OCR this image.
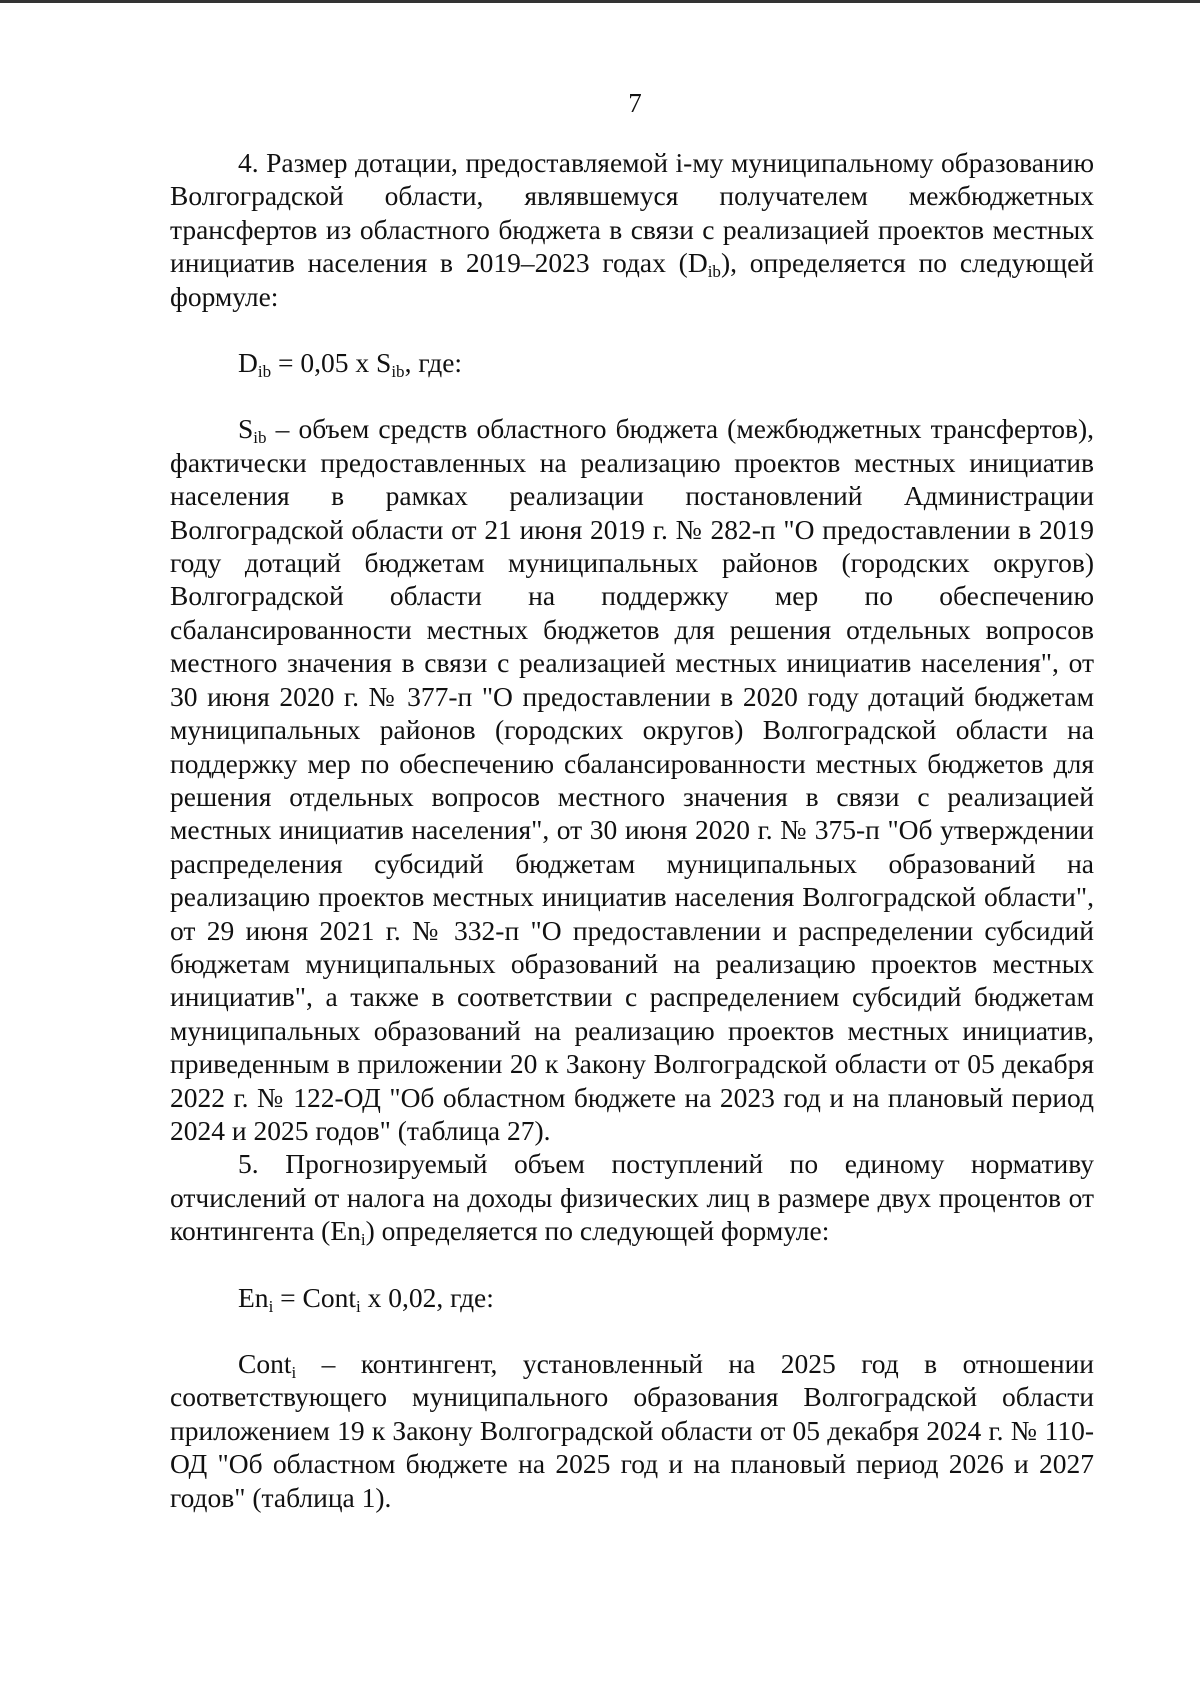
7

4. Размер дотации, предоставляемой i-му муниципальному образованию Волгоградской области, являвшемуся получателем межбюджетных трансфертов из областного бюджета в связи с реализацией проектов местных инициатив населения в 2019–2023 годах $(D_{ib})$, определяется по следующей формуле:

$D_{ib} = 0,05$ x $S_{ib}$, где:

$S_{ib}$ – объем средств областного бюджета (межбюджетных трансфертов), фактически предоставленных на реализацию проектов местных инициатив населения в рамках реализации постановлений Администрации Волгоградской области от 21 июня 2019 г. № 282-п "О предоставлении в 2019 году дотаций бюджетам муниципальных районов (городских округов) Волгоградской области на поддержку мер по обеспечению сбалансированности местных бюджетов для решения отдельных вопросов местного значения в связи с реализацией местных инициатив населения", от 30 июня 2020 г. № 377-п "О предоставлении в 2020 году дотаций бюджетам муниципальных районов (городских округов) Волгоградской области на поддержку мер по обеспечению сбалансированности местных бюджетов для решения отдельных вопросов местного значения в связи с реализацией местных инициатив населения", от 30 июня 2020 г. № 375-п "Об утверждении распределения субсидий бюджетам муниципальных образований на реализацию проектов местных инициатив населения Волгоградской области", от 29 июня 2021 г. № 332-п "О предоставлении и распределении субсидий бюджетам муниципальных образований на реализацию проектов местных инициатив", а также в соответствии с распределением субсидий бюджетам муниципальных образований на реализацию проектов местных инициатив, приведенным в приложении 20 к Закону Волгоградской области от 05 декабря 2022 г. № 122-ОД "Об областном бюджете на 2023 год и на плановый период 2024 и 2025 годов" (таблица 27).

5. Прогнозируемый объем поступлений по единому нормативу отчислений от налога на доходы физических лиц в размере двух процентов от контингента $(En_i)$ определяется по следующей формуле:

$En_i$ = Cont$_i$ x 0,02, где:

Cont$_i$ – контингент, установленный на 2025 год в отношении соответствующего муниципального образования Волгоградской области приложением 19 к Закону Волгоградской области от 05 декабря 2024 г. № 110-ОД "Об областном бюджете на 2025 год и на плановый период 2026 и 2027 годов" (таблица 1).
